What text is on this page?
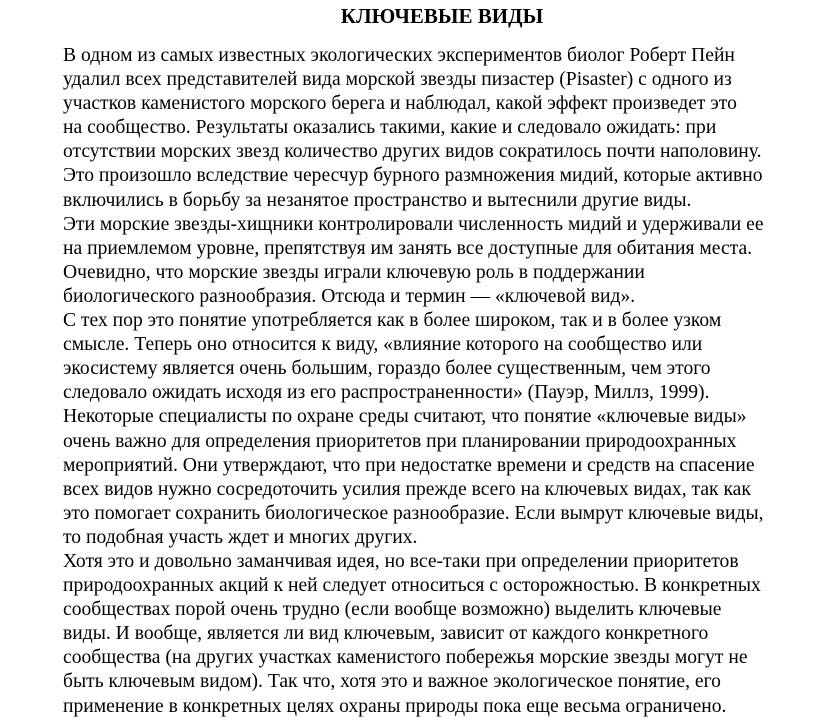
КЛЮЧЕВЫЕ ВИДЫ
В одном из самых известных экологических экспериментов биолог Роберт Пейн
удалил всех представителей вида морской звезды пизастер (Pisaster) с одного из
участков каменистого морского берега и наблюдал, какой эффект произведет это
на сообщество. Результаты оказались такими, какие и следовало ожидать: при
отсутствии морских звезд количество других видов сократилось почти наполовину.
Это произошло вследствие чересчур бурного размножения мидий, которые активно
включились в борьбу за незанятое пространство и вытеснили другие виды.
Эти морские звезды-хищники контролировали численность мидий и удерживали ее
на приемлемом уровне, препятствуя им занять все доступные для обитания места.
Очевидно, что морские звезды играли ключевую роль в поддержании
биологического разнообразия. Отсюда и термин — «ключевой вид».
С тех пор это понятие употребляется как в более широком, так и в более узком
смысле. Теперь оно относится к виду, «влияние которого на сообщество или
экосистему является очень большим, гораздо более существенным, чем этого
следовало ожидать исходя из его распространенности» (Пауэр, Миллз, 1999).
Некоторые специалисты по охране среды считают, что понятие «ключевые виды»
очень важно для определения приоритетов при планировании природоохранных
мероприятий. Они утверждают, что при недостатке времени и средств на спасение
всех видов нужно сосредоточить усилия прежде всего на ключевых видах, так как
это помогает сохранить биологическое разнообразие. Если вымрут ключевые виды,
то подобная участь ждет и многих других.
Хотя это и довольно заманчивая идея, но все-таки при определении приоритетов
природоохранных акций к ней следует относиться с осторожностью. В конкретных
сообществах порой очень трудно (если вообще возможно) выделить ключевые
виды. И вообще, является ли вид ключевым, зависит от каждого конкретного
сообщества (на других участках каменистого побережья морские звезды могут не
быть ключевым видом). Так что, хотя это и важное экологическое понятие, его
применение в конкретных целях охраны природы пока еще весьма ограничено.
